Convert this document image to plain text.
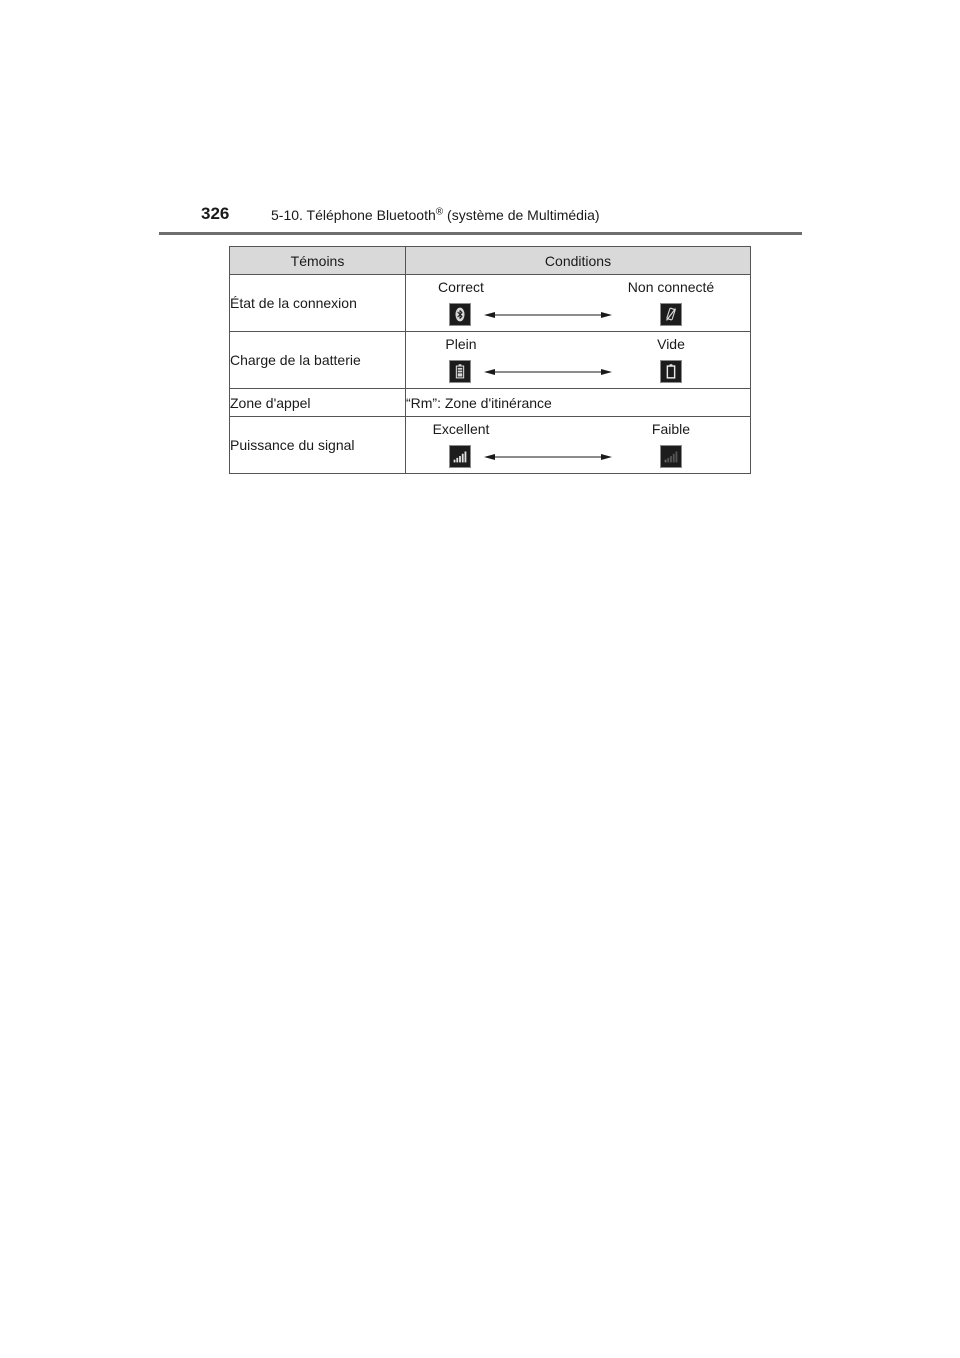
326	5-10. Téléphone Bluetooth® (système de Multimédia)
Témoins	Conditions
État de la connexion	Correct Non connecté

Charge de la batterie	Plein Vide

Zone d'appel	“Rm”: Zone d'itinérance
Puissance du signal	Excellent Faible
